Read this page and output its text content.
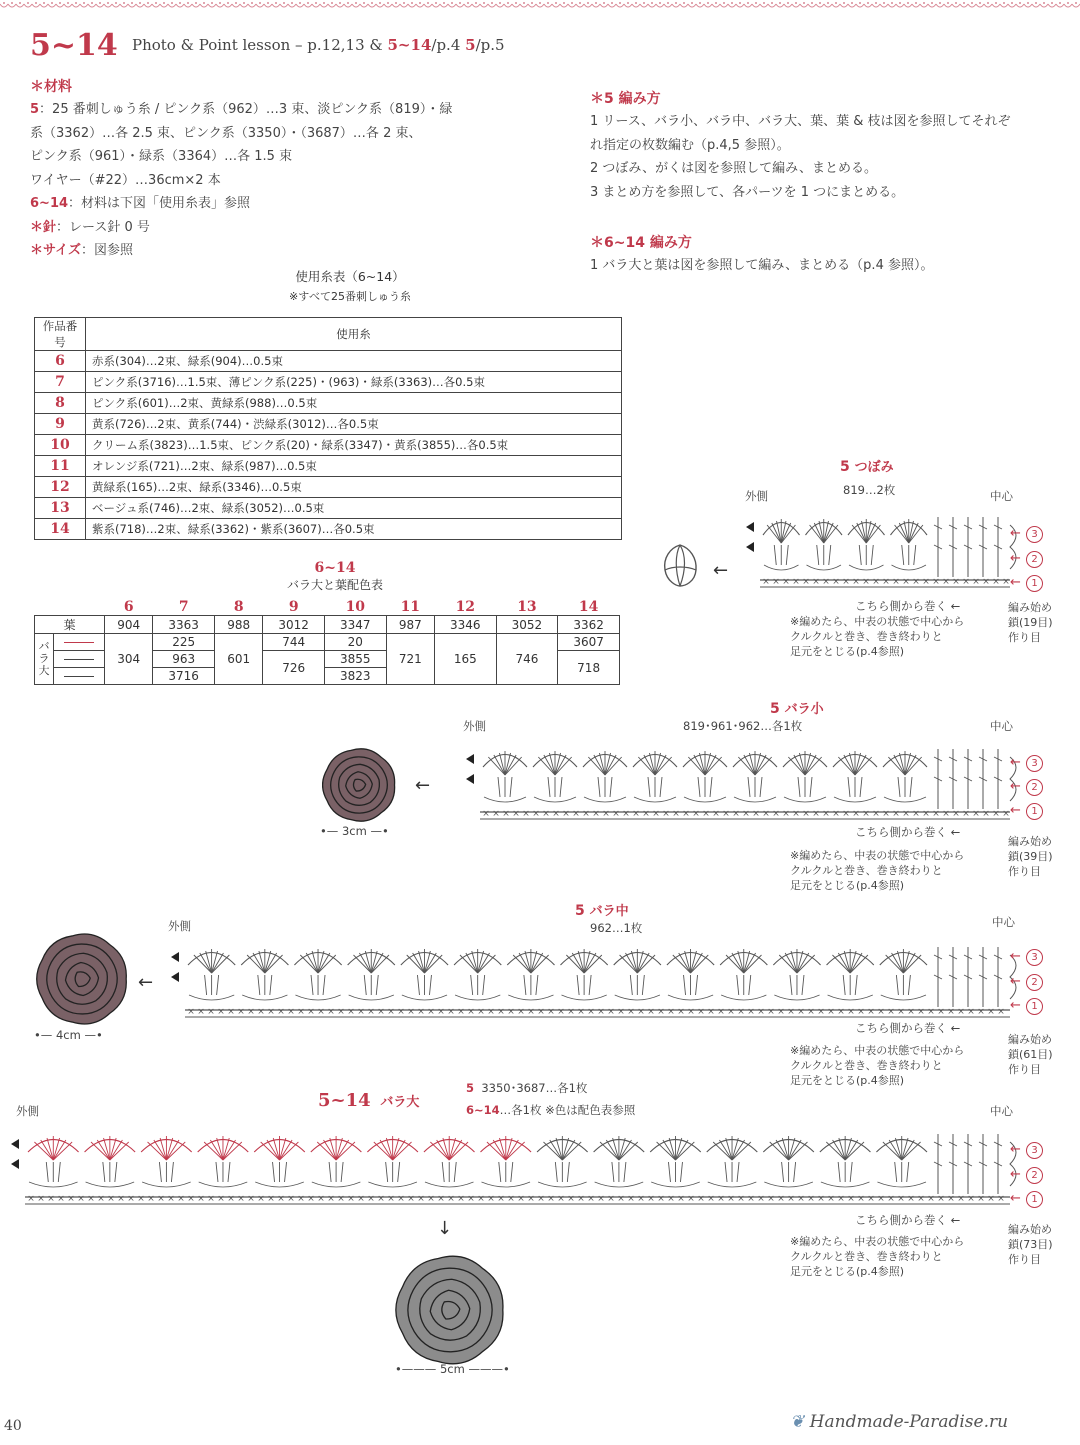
5~14 Photo & Point lesson – p.12,13 & 5~14/p.4 5/p.5
＊材料
5：25 番刺しゅう糸 / ピンク系（962）…3 束、淡ピンク系（819）・緑
系（3362）…各 2.5 束、ピンク系（3350）・（3687）…各 2 束、
ピンク系（961）・緑系（3364）…各 1.5 束
ワイヤー（#22）…36cm×2 本
6~14：材料は下図「使用糸表」参照
＊針：レース針 0 号
＊サイズ：図参照
＊5 編み方
1 リース、バラ小、バラ中、バラ大、葉、葉 & 枝は図を参照してそれぞ
れ指定の枚数編む（p.4,5 参照）。
2 つぼみ、がくは図を参照して編み、まとめる。
3 まとめ方を参照して、各パーツを 1 つにまとめる。
＊6~14 編み方
1 バラ大と葉は図を参照して編み、まとめる（p.4 参照）。
使用糸表（6~14）
※すべて25番刺しゅう糸
作品番号	使用糸
6	赤系(304)…2束、緑系(904)…0.5束
7	ピンク系(3716)…1.5束、薄ピンク系(225)・(963)・緑系(3363)…各0.5束
8	ピンク系(601)…2束、黄緑系(988)…0.5束
9	黄系(726)…2束、黄系(744)・渋緑系(3012)…各0.5束
10	クリーム系(3823)…1.5束、ピンク系(20)・緑系(3347)・黄系(3855)…各0.5束
11	オレンジ系(721)…2束、緑系(987)…0.5束
12	黄緑系(165)…2束、緑系(3346)…0.5束
13	ベージュ系(746)…2束、緑系(3052)…0.5束
14	紫系(718)…2束、緑系(3362)・紫系(3607)…各0.5束
6~14
バラ大と葉配色表
		6	7	8	9	10	11	12	13	14
葉		904	3363	988	3012	3347	987	3346	3052	3362
バ
ラ
大		304	225	601	744	20	721	165	746	3607
			963		726	3855				718
			3716			3823				
5 つぼみ
819…2枚
外側	中心
× × × × × × × × × × × × × × × × × × × × × × × × ×
← 3
← 2
← 1
←
こちら側から巻く ←
※編めたら、中表の状態で中心から
クルクルと巻き、巻き終わりと
足元をとじる(p.4参照)
編み始め
鎖(19目)
作り目
5 バラ小
819･961･962…各1枚
外側	中心
× × × × × × × × × × × × × × × × × × × × × × × × × × × × × × × × × × × × × × × × × × × × × × × × × × × × ×
← 3
← 2
← 1
←
•— 3cm —•	こちら側から巻く ←
※編めたら、中表の状態で中心から
クルクルと巻き、巻き終わりと
足元をとじる(p.4参照)
編み始め
鎖(39目)
作り目
5 バラ中
962…1枚
外側	中心
× × × × × × × × × × × × × × × × × × × × × × × × × × × × × × × × × × × × × × × × × × × × × × × × × × × × × × × × × × × × × × × × × × × × × × × × × × × × × × × × × ×
← 3
← 2
← 1
←
•— 4cm —•	こちら側から巻く ←
※編めたら、中表の状態で中心から
クルクルと巻き、巻き終わりと
足元をとじる(p.4参照)
編み始め
鎖(61目)
作り目
5~14 バラ大
5 3350･3687…各1枚
6~14…各1枚 ※色は配色表参照
外側	中心
× × × × × × × × × × × × × × × × × × × × × × × × × × × × × × × × × × × × × × × × × × × × × × × × × × × × × × × × × × × × × × × × × × × × × × × × × × × × × × × × × × × × × × × × × × × × × × × × × ×
← 3
← 2
← 1
こちら側から巻く ←
※編めたら、中表の状態で中心から
クルクルと巻き、巻き終わりと
足元をとじる(p.4参照)
編み始め
鎖(73目)
作り目
↓
•——— 5cm ———•
40	❦ Handmade-Paradise.ru
